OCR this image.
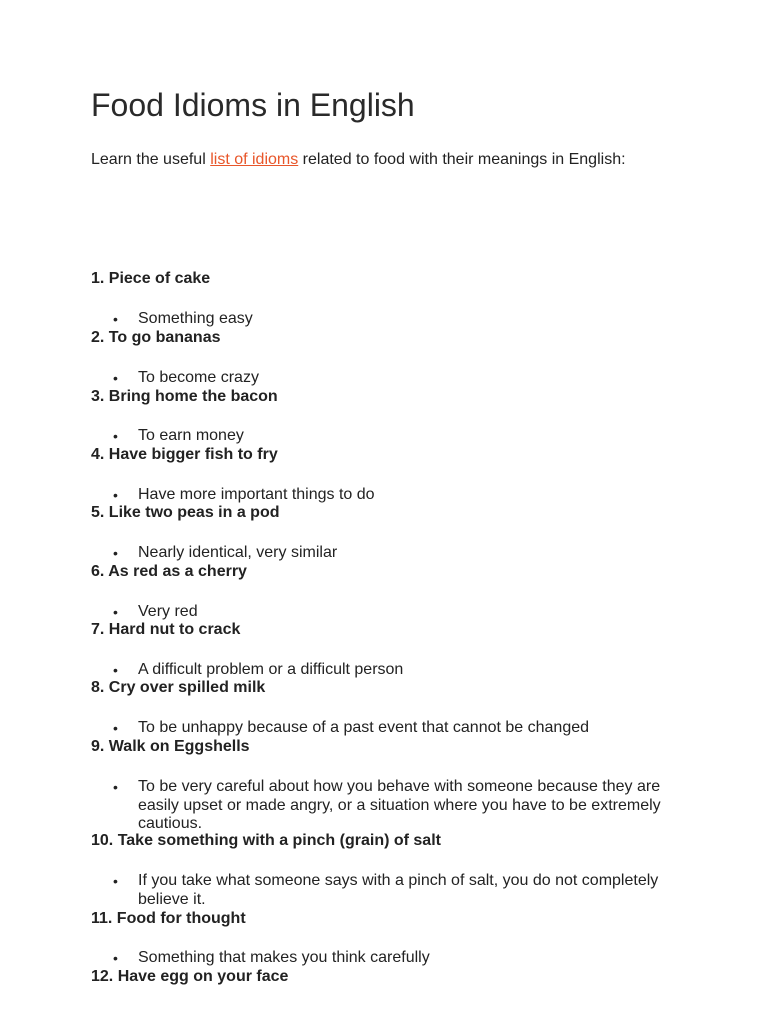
Food Idioms in English

Learn the useful list of idioms related to food with their meanings in English:

1. Piece of cake
• Something easy
2. To go bananas
• To become crazy
3. Bring home the bacon
• To earn money
4. Have bigger fish to fry
• Have more important things to do
5. Like two peas in a pod
• Nearly identical, very similar
6. As red as a cherry
• Very red
7. Hard nut to crack
• A difficult problem or a difficult person
8. Cry over spilled milk
• To be unhappy because of a past event that cannot be changed
9. Walk on Eggshells
• To be very careful about how you behave with someone because they are easily upset or made angry, or a situation where you have to be extremely cautious.
10. Take something with a pinch (grain) of salt
• If you take what someone says with a pinch of salt, you do not completely believe it.
11. Food for thought
• Something that makes you think carefully
12. Have egg on your face
